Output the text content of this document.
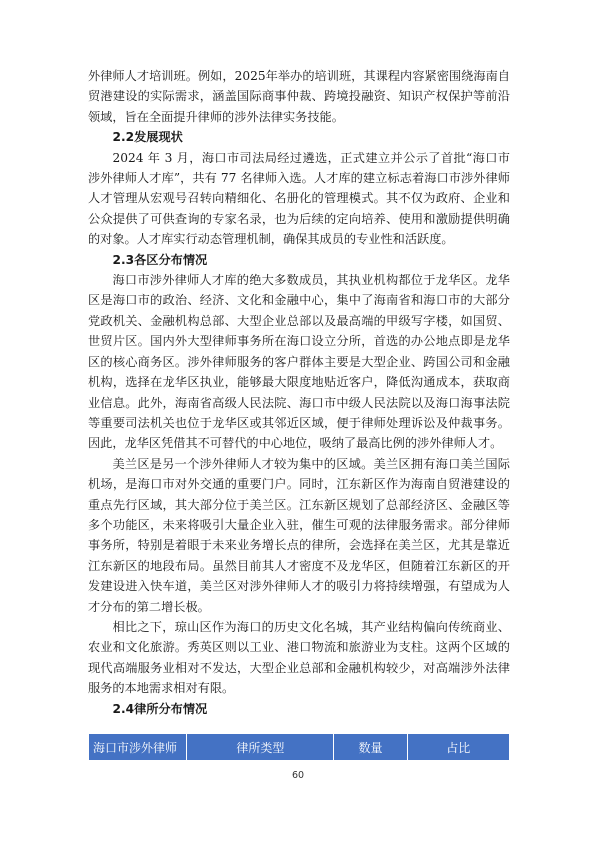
外律师人才培训班。例如，2025年举办的培训班，其课程内容紧密围绕海南自贸港建设的实际需求，涵盖国际商事仲裁、跨境投融资、知识产权保护等前沿领域，旨在全面提升律师的涉外法律实务技能。

2.2发展现状

2024 年 3 月，海口市司法局经过遴选，正式建立并公示了首批“海口市涉外律师人才库”，共有 77 名律师入选。人才库的建立标志着海口市涉外律师人才管理从宏观号召转向精细化、名册化的管理模式。其不仅为政府、企业和公众提供了可供查询的专家名录，也为后续的定向培养、使用和激励提供明确的对象。人才库实行动态管理机制，确保其成员的专业性和活跃度。

2.3各区分布情况

海口市涉外律师人才库的绝大多数成员，其执业机构都位于龙华区。龙华区是海口市的政治、经济、文化和金融中心，集中了海南省和海口市的大部分党政机关、金融机构总部、大型企业总部以及最高端的甲级写字楼，如国贸、世贸片区。国内外大型律师事务所在海口设立分所，首选的办公地点即是龙华区的核心商务区。涉外律师服务的客户群体主要是大型企业、跨国公司和金融机构，选择在龙华区执业，能够最大限度地贴近客户，降低沟通成本，获取商业信息。此外，海南省高级人民法院、海口市中级人民法院以及海口海事法院等重要司法机关也位于龙华区或其邻近区域，便于律师处理诉讼及仲裁事务。因此，龙华区凭借其不可替代的中心地位，吸纳了最高比例的涉外律师人才。

美兰区是另一个涉外律师人才较为集中的区域。美兰区拥有海口美兰国际机场，是海口市对外交通的重要门户。同时，江东新区作为海南自贸港建设的重点先行区域，其大部分位于美兰区。江东新区规划了总部经济区、金融区等多个功能区，未来将吸引大量企业入驻，催生可观的法律服务需求。部分律师事务所，特别是着眼于未来业务增长点的律所，会选择在美兰区，尤其是靠近江东新区的地段布局。虽然目前其人才密度不及龙华区，但随着江东新区的开发建设进入快车道，美兰区对涉外律师人才的吸引力将持续增强，有望成为人才分布的第二增长极。

相比之下，琼山区作为海口的历史文化名城，其产业结构偏向传统商业、农业和文化旅游。秀英区则以工业、港口物流和旅游业为支柱。这两个区域的现代高端服务业相对不发达，大型企业总部和金融机构较少，对高端涉外法律服务的本地需求相对有限。

2.4律所分布情况

海口市涉外律师	律所类型	数量	占比
60
